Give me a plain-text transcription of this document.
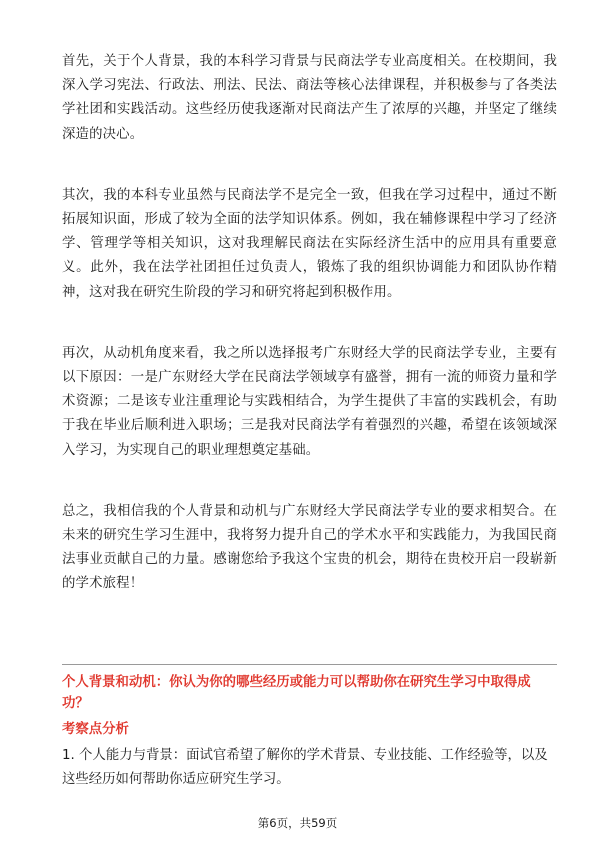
首先，关于个人背景，我的本科学习背景与民商法学专业高度相关。在校期间，我深入学习宪法、行政法、刑法、民法、商法等核心法律课程，并积极参与了各类法学社团和实践活动。这些经历使我逐渐对民商法产生了浓厚的兴趣，并坚定了继续深造的决心。

其次，我的本科专业虽然与民商法学不是完全一致，但我在学习过程中，通过不断拓展知识面，形成了较为全面的法学知识体系。例如，我在辅修课程中学习了经济学、管理学等相关知识，这对我理解民商法在实际经济生活中的应用具有重要意义。此外，我在法学社团担任过负责人，锻炼了我的组织协调能力和团队协作精神，这对我在研究生阶段的学习和研究将起到积极作用。

再次，从动机角度来看，我之所以选择报考广东财经大学的民商法学专业，主要有以下原因：一是广东财经大学在民商法学领域享有盛誉，拥有一流的师资力量和学术资源；二是该专业注重理论与实践相结合，为学生提供了丰富的实践机会，有助于我在毕业后顺利进入职场；三是我对民商法学有着强烈的兴趣，希望在该领域深入学习，为实现自己的职业理想奠定基础。

总之，我相信我的个人背景和动机与广东财经大学民商法学专业的要求相契合。在未来的研究生学习生涯中，我将努力提升自己的学术水平和实践能力，为我国民商法事业贡献自己的力量。感谢您给予我这个宝贵的机会，期待在贵校开启一段崭新的学术旅程！

个人背景和动机：你认为你的哪些经历或能力可以帮助你在研究生学习中取得成功？

考察点分析

1. 个人能力与背景：面试官希望了解你的学术背景、专业技能、工作经验等，以及这些经历如何帮助你适应研究生学习。

第6页，共59页
